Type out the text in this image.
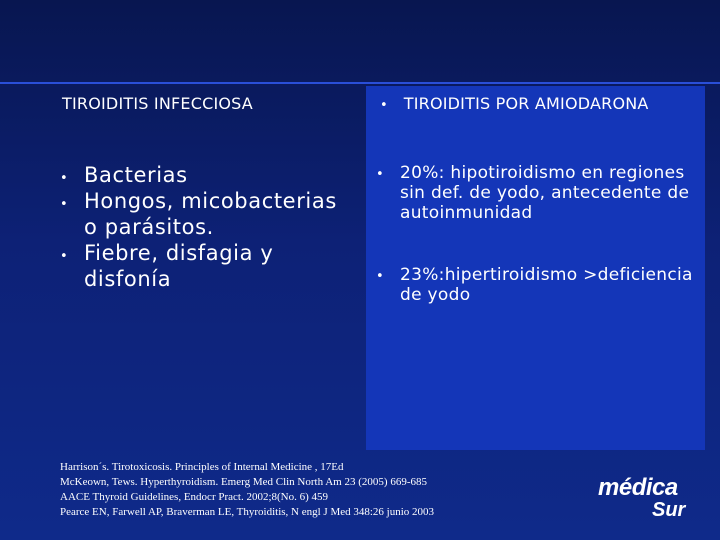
TIROIDITIS INFECCIOSA	• TIROIDITIS POR AMIODARONA
• Bacterias
• Hongos, micobacterias o parásitos.
• Fiebre, disfagia y disfonía
• 20%: hipotiroidismo en regiones sin def. de yodo, antecedente de autoinmunidad
• 23%:hipertiroidismo >deficiencia de yodo
Harrison´s. Tirotoxicosis. Principles of Internal Medicine , 17Ed
McKeown, Tews. Hyperthyroidism. Emerg Med Clin North Am 23 (2005) 669-685
AACE Thyroid Guidelines, Endocr Pract. 2002;8(No. 6) 459
Pearce EN, Farwell AP, Braverman LE, Thyroiditis, N engl J Med 348:26 junio 2003
médica
Sur
